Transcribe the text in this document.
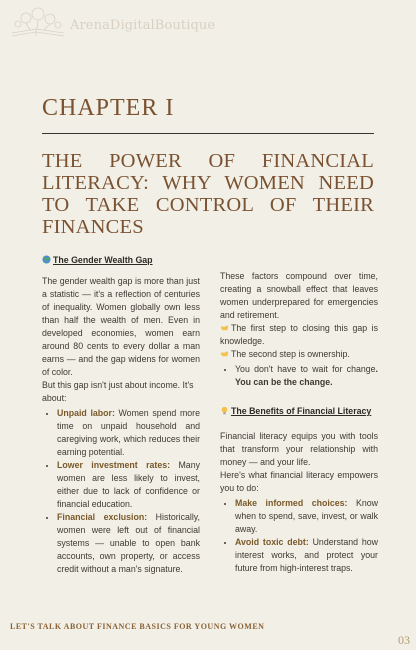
ArenaDigitalBoutique
CHAPTER I
THE POWER OF FINANCIAL LITERACY: WHY WOMEN NEED TO TAKE CONTROL OF THEIR FINANCES
The Gender Wealth Gap

The gender wealth gap is more than just a statistic — it's a reflection of centuries of inequality. Women globally own less than half the wealth of men. Even in developed economies, women earn around 80 cents to every dollar a man earns — and the gap widens for women of color.

But this gap isn't just about income. It's about:

• Unpaid labor: Women spend more time on unpaid household and caregiving work, which reduces their earning potential.
• Lower investment rates: Many women are less likely to invest, either due to lack of confidence or financial education.
• Financial exclusion: Historically, women were left out of financial systems — unable to open bank accounts, own property, or access credit without a man's signature.

These factors compound over time, creating a snowball effect that leaves women underprepared for emergencies and retirement.

The first step to closing this gap is knowledge.

The second step is ownership.

• You don't have to wait for change. You can be the change.
The Benefits of Financial Literacy

Financial literacy equips you with tools that transform your relationship with money — and your life.

Here's what financial literacy empowers you to do:

• Make informed choices: Know when to spend, save, invest, or walk away.
• Avoid toxic debt: Understand how interest works, and protect your future from high-interest traps.
LET'S TALK ABOUT FINANCE BASICS FOR YOUNG WOMEN
03
